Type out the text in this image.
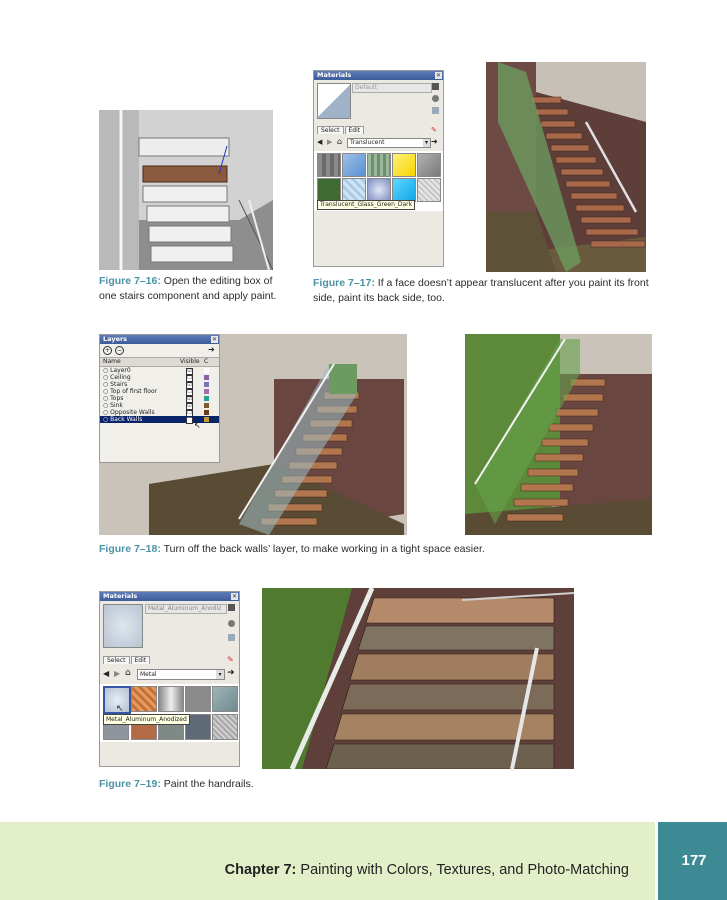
Figure 7–16: Open the editing box of one stairs component and apply paint.
Materials	✕
Default
Select Edit	✎
◀ ▶ ⌂	Translucent	▾ ➜
Translucent_Glass_Green_Dark
Figure 7–17: If a face doesn’t appear translucent after you paint its front side, paint its back side, too.
Layers	✕
+	−	➜
Name	Visible C
○ Layer0	☑
○ Ceiling	☐
○ Stairs	☑
○ Top of first floor	☐
○ Tops	☑
○ Sink	☑
○ Opposite Walls	☐
○ Back Walls	☐
↖
Figure 7–18: Turn off the back walls’ layer, to make working in a tight space easier.
Materials	✕
Metal_Aluminum_Anodiz
Select Edit	✎
◀ ▶ ⌂	Metal	▾ ➜
Metal_Aluminum_Anodized
↖
Figure 7–19: Paint the handrails.
Chapter 7: Painting with Colors, Textures, and Photo-Matching
177
